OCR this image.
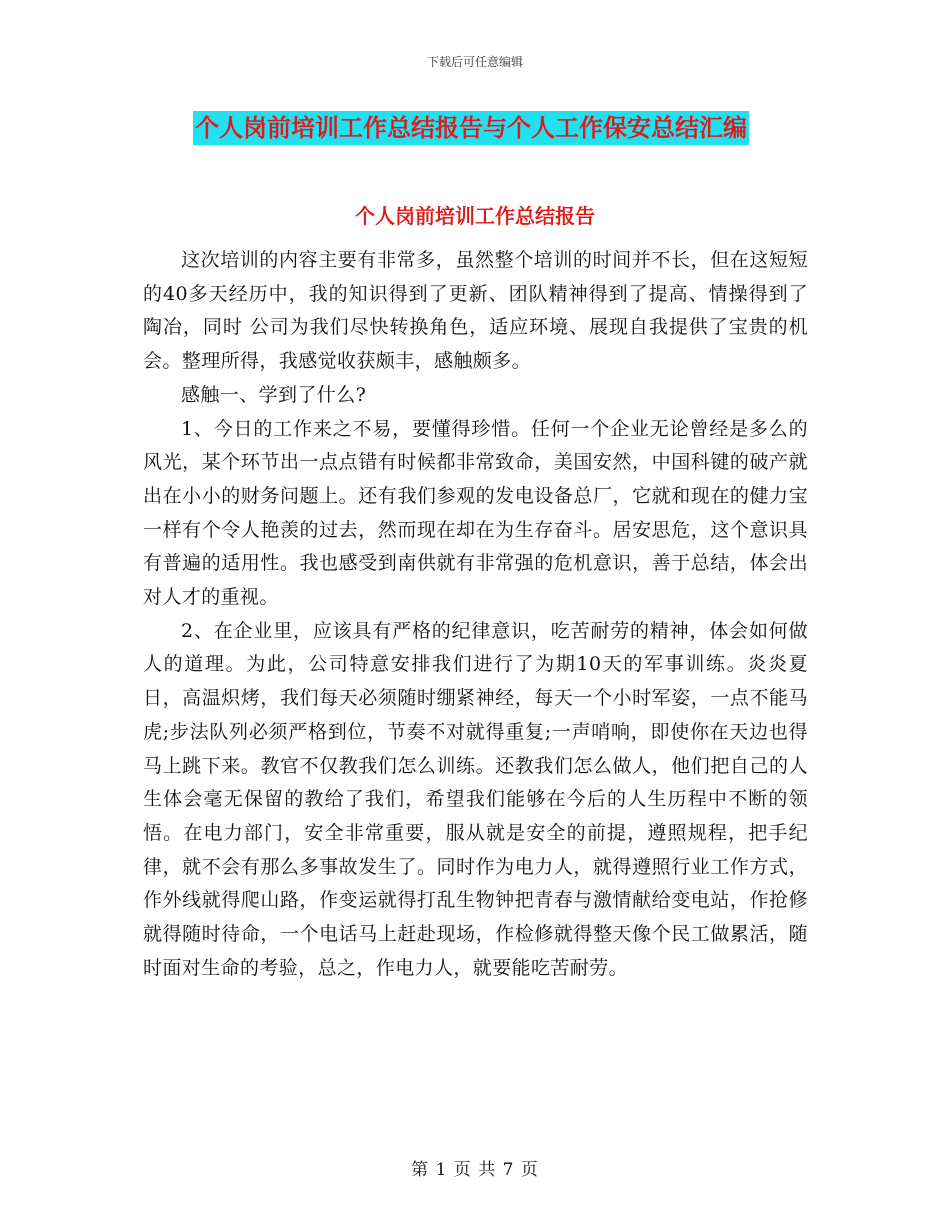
下载后可任意编辑
个人岗前培训工作总结报告与个人工作保安总结汇编
个人岗前培训工作总结报告

这次培训的内容主要有非常多，虽然整个培训的时间并不长，但在这短短的40多天经历中，我的知识得到了更新、团队精神得到了提高、情操得到了陶冶，同时 公司为我们尽快转换角色，适应环境、展现自我提供了宝贵的机会。整理所得，我感觉收获颇丰，感触颇多。

感触一、学到了什么?

1、今日的工作来之不易，要懂得珍惜。任何一个企业无论曾经是多么的风光，某个环节出一点点错有时候都非常致命，美国安然，中国科键的破产就出在小小的财务问题上。还有我们参观的发电设备总厂，它就和现在的健力宝一样有个令人艳羡的过去，然而现在却在为生存奋斗。居安思危，这个意识具有普遍的适用性。我也感受到南供就有非常强的危机意识，善于总结，体会出对人才的重视。

2、在企业里，应该具有严格的纪律意识，吃苦耐劳的精神，体会如何做人的道理。为此，公司特意安排我们进行了为期10天的军事训练。炎炎夏日，高温炽烤，我们每天必须随时绷紧神经，每天一个小时军姿，一点不能马虎;步法队列必须严格到位，节奏不对就得重复;一声哨响，即使你在天边也得马上跳下来。教官不仅教我们怎么训练。还教我们怎么做人，他们把自己的人生体会毫无保留的教给了我们，希望我们能够在今后的人生历程中不断的领悟。在电力部门，安全非常重要，服从就是安全的前提，遵照规程，把手纪律，就不会有那么多事故发生了。同时作为电力人，就得遵照行业工作方式，作外线就得爬山路，作变运就得打乱生物钟把青春与激情献给变电站，作抢修就得随时待命，一个电话马上赶赴现场，作检修就得整天像个民工做累活，随时面对生命的考验，总之，作电力人，就要能吃苦耐劳。

第 1 页 共 7 页
